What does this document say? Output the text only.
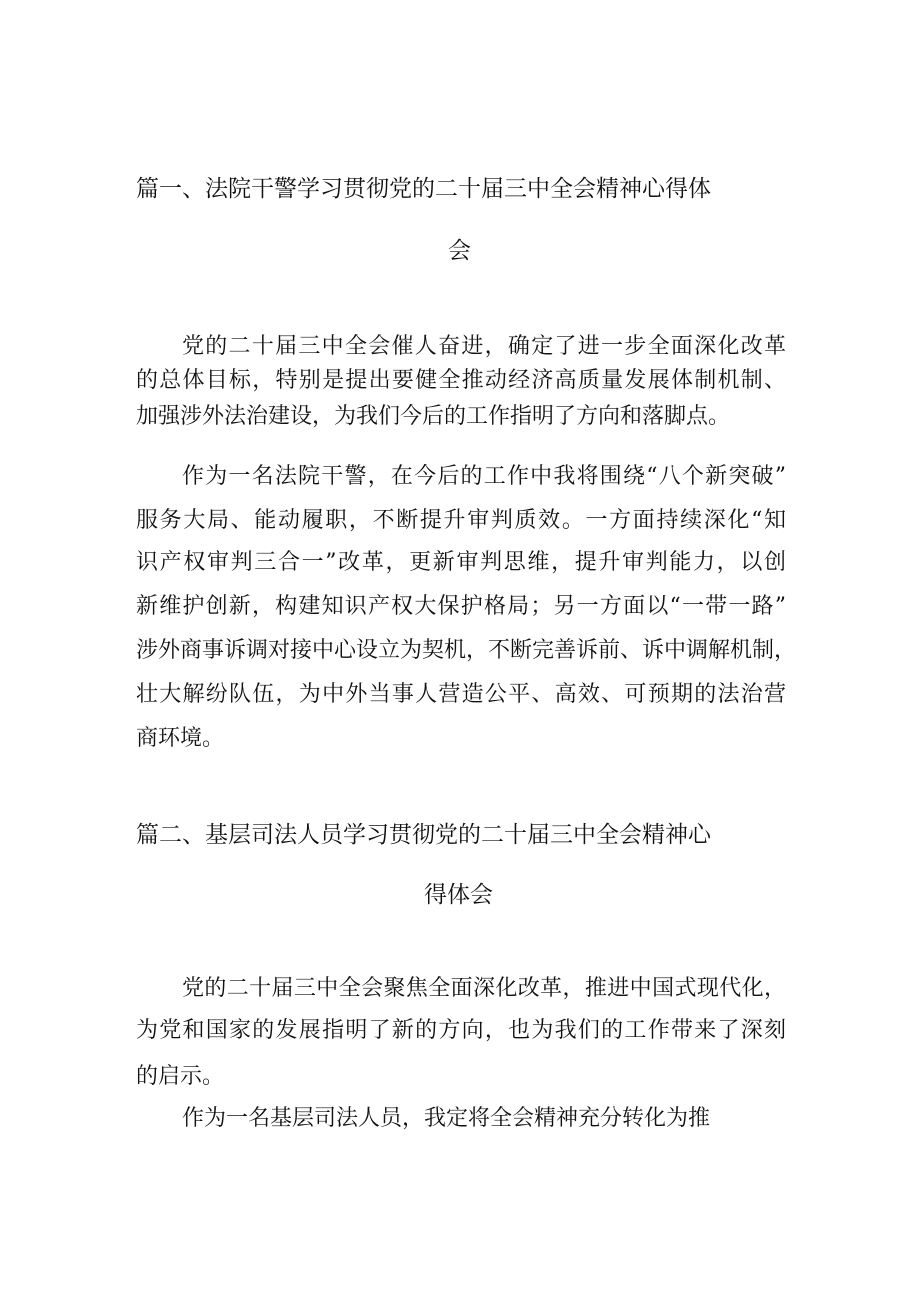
篇一、法院干警学习贯彻党的二十届三中全会精神心得体
会
党的二十届三中全会催人奋进，确定了进一步全面深化改革
的总体目标，特别是提出要健全推动经济高质量发展体制机制、
加强涉外法治建设，为我们今后的工作指明了方向和落脚点。
作为一名法院干警，在今后的工作中我将围绕“八个新突破”
服务大局、能动履职，不断提升审判质效。一方面持续深化“知
识产权审判三合一”改革，更新审判思维，提升审判能力，以创
新维护创新，构建知识产权大保护格局；另一方面以“一带一路”
涉外商事诉调对接中心设立为契机，不断完善诉前、诉中调解机制，
壮大解纷队伍，为中外当事人营造公平、高效、可预期的法治营
商环境。
篇二、基层司法人员学习贯彻党的二十届三中全会精神心
得体会
党的二十届三中全会聚焦全面深化改革，推进中国式现代化，
为党和国家的发展指明了新的方向，也为我们的工作带来了深刻
的启示。
作为一名基层司法人员，我定将全会精神充分转化为推
